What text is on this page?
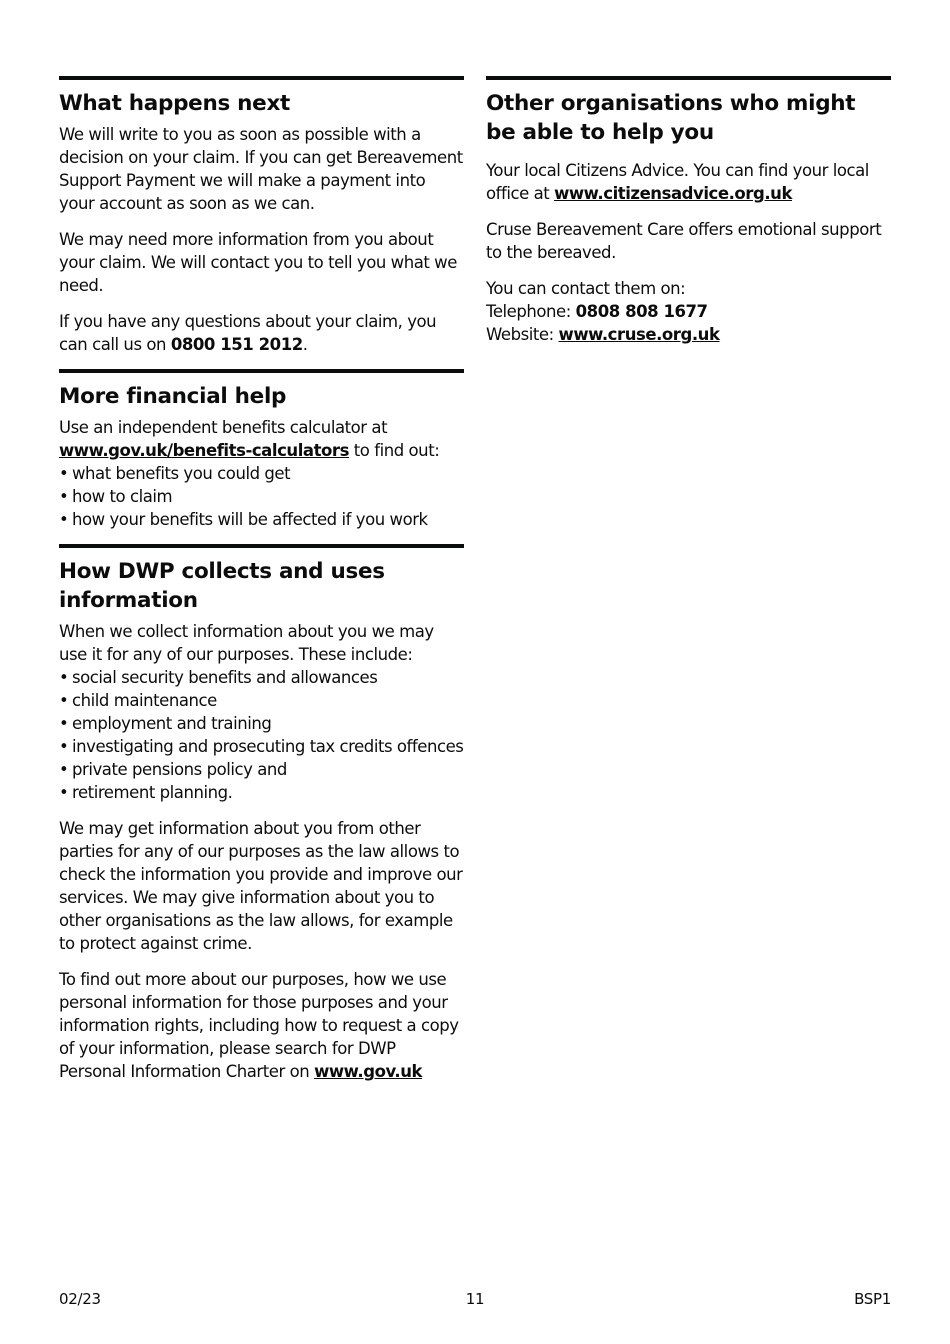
What happens next

We will write to you as soon as possible with a decision on your claim. If you can get Bereavement Support Payment we will make a payment into your account as soon as we can.

We may need more information from you about your claim. We will contact you to tell you what we need.

If you have any questions about your claim, you can call us on 0800 151 2012.

More financial help

Use an independent benefits calculator at
www.gov.uk/benefits-calculators to find out:

• what benefits you could get
• how to claim
• how your benefits will be affected if you work
How DWP collects and uses information

When we collect information about you we may use it for any of our purposes. These include:

• social security benefits and allowances
• child maintenance
• employment and training
• investigating and prosecuting tax credits offences
• private pensions policy and
• retirement planning.

We may get information about you from other parties for any of our purposes as the law allows to check the information you provide and improve our services. We may give information about you to other organisations as the law allows, for example to protect against crime.

To find out more about our purposes, how we use personal information for those purposes and your information rights, including how to request a copy of your information, please search for DWP Personal Information Charter on www.gov.uk

Other organisations who might be able to help you

Your local Citizens Advice. You can find your local office at www.citizensadvice.org.uk

Cruse Bereavement Care offers emotional support to the bereaved.

You can contact them on:
Telephone: 0808 808 1677
Website: www.cruse.org.uk

02/23	11	BSP1
